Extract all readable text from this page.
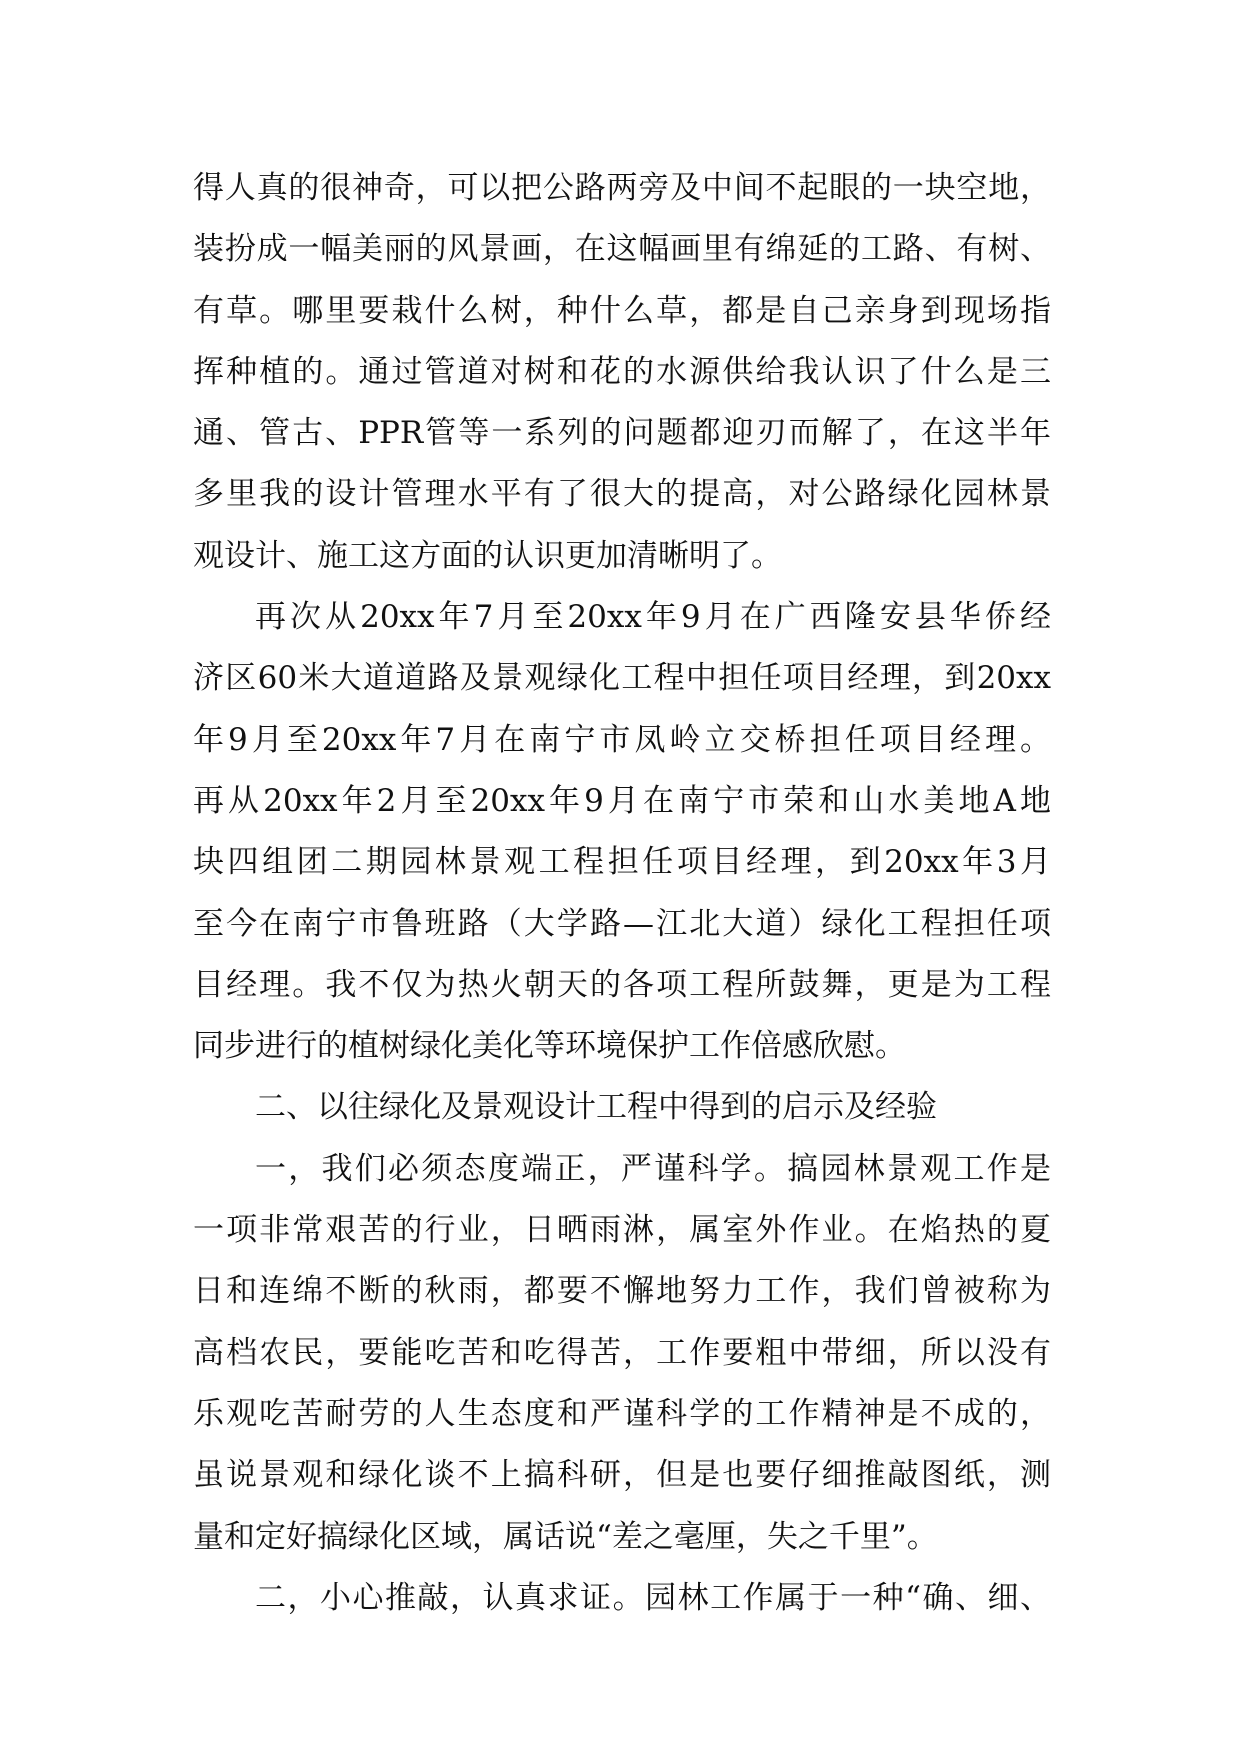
得人真的很神奇，可以把公路两旁及中间不起眼的一块空地，
装扮成一幅美丽的风景画，在这幅画里有绵延的工路、有树、
有草。哪里要栽什么树，种什么草，都是自己亲身到现场指
挥种植的。通过管道对树和花的水源供给我认识了什么是三
通、管古、PPR管等一系列的问题都迎刃而解了，在这半年
多里我的设计管理水平有了很大的提高，对公路绿化园林景
观设计、施工这方面的认识更加清晰明了。
再次从20xx年7月至20xx年9月在广西隆安县华侨经
济区60米大道道路及景观绿化工程中担任项目经理，到20xx
年9月至20xx年7月在南宁市凤岭立交桥担任项目经理。
再从20xx年2月至20xx年9月在南宁市荣和山水美地A地
块四组团二期园林景观工程担任项目经理，到20xx年3月
至今在南宁市鲁班路（大学路—江北大道）绿化工程担任项
目经理。我不仅为热火朝天的各项工程所鼓舞，更是为工程
同步进行的植树绿化美化等环境保护工作倍感欣慰。
二、以往绿化及景观设计工程中得到的启示及经验
一，我们必须态度端正，严谨科学。搞园林景观工作是
一项非常艰苦的行业，日晒雨淋，属室外作业。在焰热的夏
日和连绵不断的秋雨，都要不懈地努力工作，我们曾被称为
高档农民，要能吃苦和吃得苦，工作要粗中带细，所以没有
乐观吃苦耐劳的人生态度和严谨科学的工作精神是不成的，
虽说景观和绿化谈不上搞科研，但是也要仔细推敲图纸，测
量和定好搞绿化区域，属话说“差之毫厘，失之千里”。
二，小心推敲，认真求证。园林工作属于一种“确、细、
